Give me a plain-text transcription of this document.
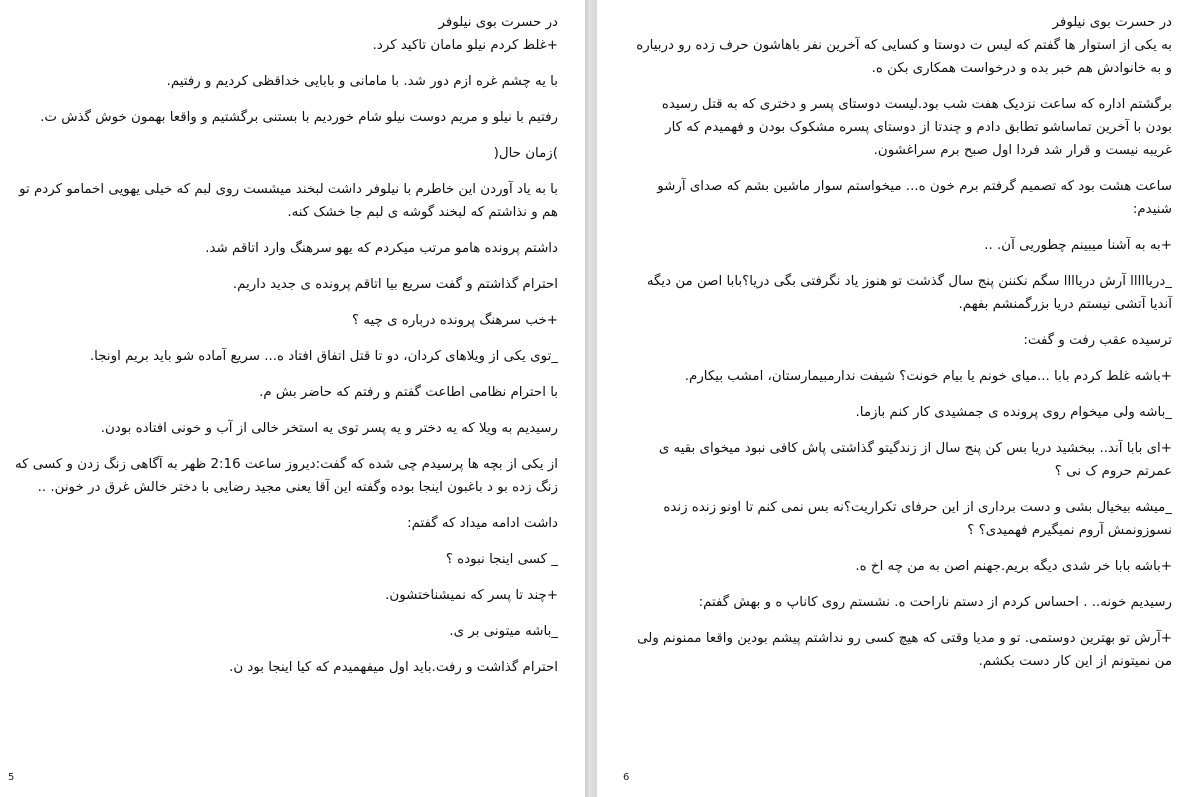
در حسرت بوی نیلوفر

+غلط کردم نیلو مامان تاکید کرد.

با یه چشم غره ازم دور شد. با مامانی و بابایی خداقظی کردیم و رفتیم.

رفتیم با نیلو و مریم دوست نیلو شام خوردیم با بستنی برگشتیم و واقعا بهمون خوش گذش ت.

)زمان حال(

با به یاد آوردن این خاطرم با نیلوفر داشت لبخند میشست روی لبم که خیلی یهویی اخمامو کردم تو هم و نذاشتم که لبخند گوشه ی لبم جا خشک کنه.

داشتم پرونده هامو مرتب میکردم که یهو سرهنگ وارد اتاقم شد.

احترام گذاشتم و گفت سریع بیا اتاقم پرونده ی جدید داریم.

+خب سرهنگ پرونده درباره ی چیه ؟

_توی یکی از ویلاهای کردان، دو تا قتل اتفاق افتاد ه... سریع آماده شو باید بریم اونجا.

با احترام نظامی اطاعت گفتم و رفتم که حاضر بش م.

رسیدیم به ویلا که یه دختر و یه پسر توی یه استخر خالی از آب و خونی افتاده بودن.

از یکی از بچه ها پرسیدم چی شده که گفت:دیروز ساعت 2:16 ظهر به آگاهی زنگ زدن و کسی که زنگ زده بو د باغبون اینجا بوده وگفته این آقا یعنی مجید رضایی با دختر خالش غرق در خونن. ..

داشت ادامه میداد که گفتم:

_ کسی اینجا نبوده ؟

+چند تا پسر که نمیشناختشون.

_باشه میتونی بر ی.

احترام گذاشت و رفت.باید اول میفهمیدم که کیا اینجا بود ن.

5

در حسرت بوی نیلوفر

به یکی از استوار ها گفتم که لیس ت دوستا و کسایی که آخرین نفر باهاشون حرف زده رو دربیاره و به خانوادش هم خبر بده و درخواست همکاری بکن ه.

برگشتم اداره که ساعت نزدیک هفت شب بود.لیست دوستای پسر و دختری که به قتل رسیده بودن با آخرین تماساشو تطابق دادم و چندتا از دوستای پسره مشکوک بودن و فهمیدم که کار غریبه نیست و قرار شد فردا اول صبح برم سراغشون.

ساعت هشت بود که تصمیم گرفتم برم خون ه... میخواستم سوار ماشین بشم که صدای آرشو شنیدم:

+به به آشنا میبینم چطوریی آن. ..

_دریااااا آرش درياااا سگم نکننن پنج سال گذشت تو هنوز یاد نگرفتی بگی دریا؟بابا اصن من دیگه آندیا آتشی نیستم دریا بزرگمنشم بفهم.

ترسیده عقب رفت و گفت:

+باشه غلط کردم بابا ...میای خونم یا بیام خونت؟ شیفت ندارمبیمارستان، امشب بیکارم.

_باشه ولی میخوام روی پرونده ی جمشیدی کار کنم بازما.

+ای بابا آند.. ببخشید دریا بس کن پنج سال از زندگیتو گذاشتی پاش کافی نبود میخوای بقیه ی عمرتم حروم ک نی ؟

_میشه بیخیال بشی و دست برداری از این حرفای تکراریت؟نه بس نمی کنم تا اونو زنده زنده نسوزونمش آروم نمیگیرم فهمیدی؟ ؟

+باشه بابا خر شدی دیگه بریم.جهنم اصن به من چه اخ ه.

رسیدیم خونه.. . احساس کردم از دستم ناراحت ه. نشستم روی کاناپ ه و بهش گفتم:

+آرش تو بهترین دوستمی. تو و مدیا وقتی که هیچ کسی رو نداشتم پیشم بودین واقعا ممنونم ولی من نمیتونم از این کار دست بکشم.

6
